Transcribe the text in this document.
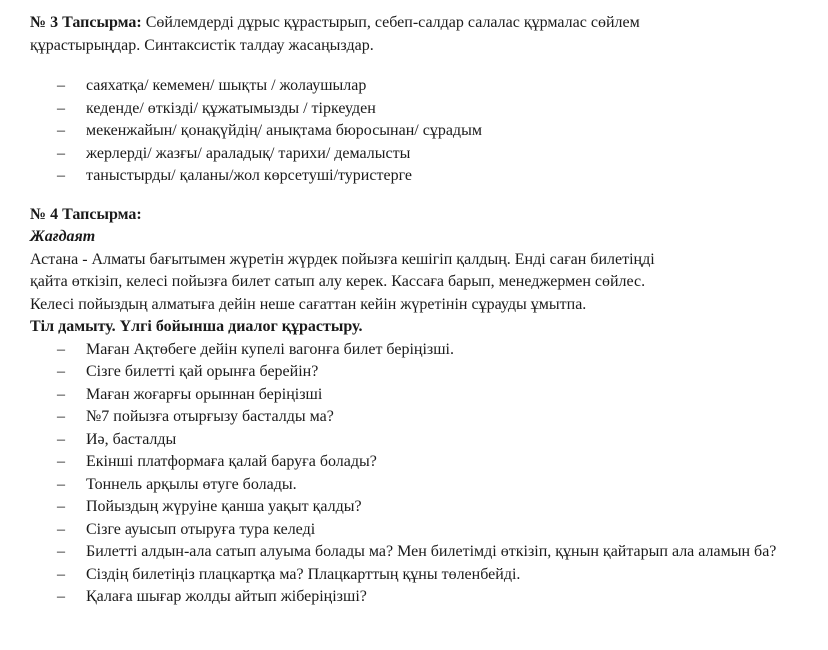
№ 3 Тапсырма: Сөйлемдерді дұрыс құрастырып, себеп-салдар салалас құрмалас сөйлем
құрастырыңдар. Синтаксистік талдау жасаңыздар.
– саяхатқа/ кемемен/ шықты / жолаушылар
– кеденде/ өткізді/ құжатымызды / тіркеуден
– мекенжайын/ қонақүйдің/ анықтама бюросынан/ сұрадым
– жерлерді/ жазғы/ араладық/ тарихи/ демалысты
– таныстырды/ қаланы/жол көрсетуші/туристерге
№ 4 Тапсырма:
Жағдаят
Астана - Алматы бағытымен жүретін жүрдек пойызға кешігіп қалдың. Енді саған билетіңді
қайта өткізіп, келесі пойызға билет сатып алу керек. Кассаға барып, менеджермен сөйлес.
Келесі пойыздың алматыға дейін неше сағаттан кейін жүретінін сұрауды ұмытпа.
Тіл дамыту. Үлгі бойынша диалог құрастыру.
– Маған Ақтөбеге дейін купелі вагонға билет беріңізші.
– Сізге билетті қай орынға берейін?
– Маған жоғарғы орыннан беріңізші
– №7 пойызға отырғызу басталды ма?
– Иә, басталды
– Екінші платформаға қалай баруға болады?
– Тоннель арқылы өтуге болады.
– Пойыздың жүруіне қанша уақыт қалды?
– Сізге ауысып отыруға тура келеді
– Билетті алдын-ала сатып алуыма болады ма? Мен билетімді өткізіп, құнын қайтарып ала аламын ба?
– Сіздің билетіңіз плацкартқа ма? Плацкарттың құны төленбейді.
– Қалаға шығар жолды айтып жіберіңізші?
